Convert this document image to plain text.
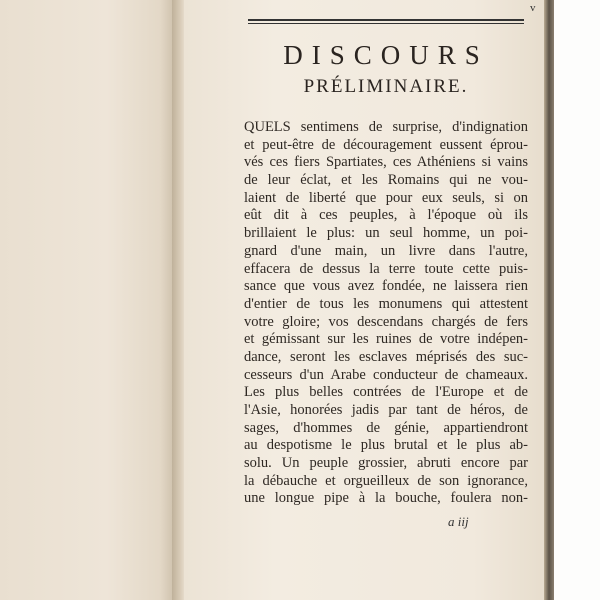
v
DISCOURS
PRÉLIMINAIRE.
QUELS sentimens de surprise, d'indignation
et peut-être de découragement eussent éprou-
vés ces fiers Spartiates, ces Athéniens si vains
de leur éclat, et les Romains qui ne vou-
laient de liberté que pour eux seuls, si on
eût dit à ces peuples, à l'époque où ils
brillaient le plus: un seul homme, un poi-
gnard d'une main, un livre dans l'autre,
effacera de dessus la terre toute cette puis-
sance que vous avez fondée, ne laissera rien
d'entier de tous les monumens qui attestent
votre gloire; vos descendans chargés de fers
et gémissant sur les ruines de votre indépen-
dance, seront les esclaves méprisés des suc-
cesseurs d'un Arabe conducteur de chameaux.
Les plus belles contrées de l'Europe et de
l'Asie, honorées jadis par tant de héros, de
sages, d'hommes de génie, appartiendront
au despotisme le plus brutal et le plus ab-
solu. Un peuple grossier, abruti encore par
la débauche et orgueilleux de son ignorance,
une longue pipe à la bouche, foulera non-
a iij
